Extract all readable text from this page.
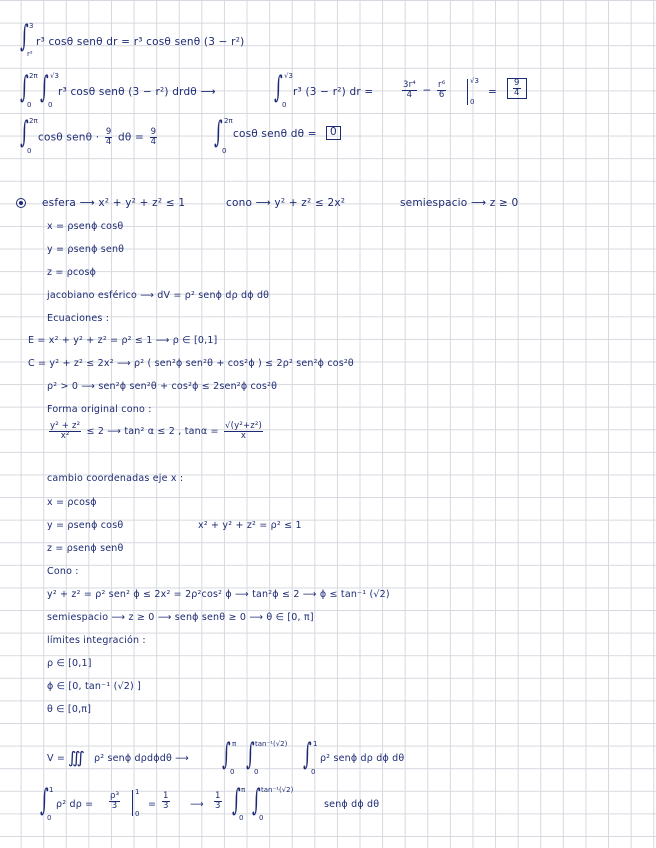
∫ 3
r²
r³ cosθ senθ dr = r³ cosθ senθ (3 − r²)
∫ 2π
0 ∫ √3
0
r³ cosθ senθ (3 − r²) drdθ ⟶ ∫ √3
0
r³ (3 − r²) dr =	$\frac{\text{3r⁴}}{4} - \frac{\text{r⁶}}{6}$	√3
0
= $\frac{9}{4}$
∫ 2π
0
cosθ $sen\theta \cdot \frac{9}{4}$ $d\theta = \frac{9}{4}$ ∫ 2π
0
cosθ senθ dθ =	0
esfera ⟶ x² + y² + z² ≤ 1	cono ⟶ y² + z² ≤ 2x²	semiespacio ⟶ z ≥ 0
x = ρsenϕ cosθ
y = ρsenϕ senθ
z = ρcosϕ
jacobiano esférico ⟶ dV = ρ² senϕ dρ dϕ dθ
Ecuaciones :
E = x² + y² + z² = ρ² ≤ 1 ⟶ ρ ∈ [0,1]
C = y² + z² ≤ 2x² ⟶ ρ² ( sen²ϕ sen²θ + cos²ϕ ) ≤ 2ρ² sen²ϕ cos²θ
ρ² > 0 ⟶ sen²ϕ sen²θ + cos²ϕ ≤ 2sen²ϕ cos²θ
Forma original cono :
$\frac{\text{y² + z²}}{\text{x²}} \le 2$ ⟶ tan² α ≤ 2 , $\tan\alpha = \frac{\text{√(y²+z²)}}{x}$
cambio coordenadas eje x :
x = ρcosϕ
y = ρsenϕ cosθ	x² + y² + z² = ρ² ≤ 1
z = ρsenϕ senθ
Cono :
y² + z² = ρ² sen² ϕ ≤ 2x² = 2ρ²cos² ϕ ⟶ tan²ϕ ≤ 2 ⟶ ϕ ≤ tan⁻¹ (√2)
semiespacio ⟶ z ≥ 0 ⟶ senϕ senθ ≥ 0 ⟶ θ ∈ [0, π]
límites integración :
ρ ∈ [0,1]
ϕ ∈ [0, tan⁻¹ (√2) ]
θ ∈ [0,π]
V = ∭ ρ² senϕ dρdϕdθ ⟶ ∫ π
0 ∫ tan⁻¹(√2)
0 ∫ 1
0
ρ² senϕ dρ dϕ dθ
∫ 1
0
ρ² $d\rho = \frac{\text{ρ³}}{3} 1$
0
= $\frac{1}{3}$ ⟶ $\frac{1}{3}$ ∫ π
0 ∫ tan⁻¹(√2)
0
senϕ dϕ dθ
